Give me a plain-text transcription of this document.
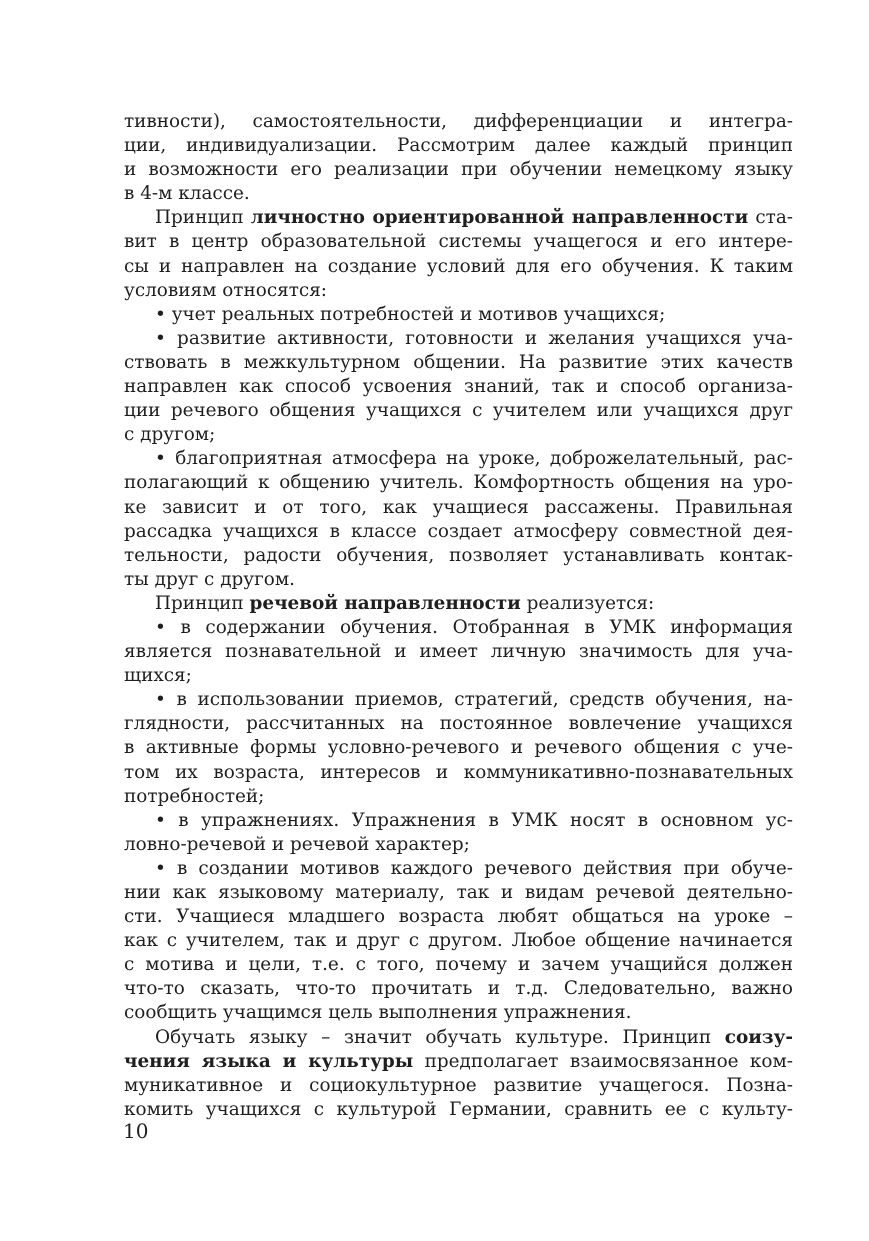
тивности), самостоятельности, дифференциации и интегра-
ции, индивидуализации. Рассмотрим далее каждый принцип
и возможности его реализации при обучении немецкому языку
в 4-м классе.
Принцип личностно ориентированной направленности ста-
вит в центр образовательной системы учащегося и его интере-
сы и направлен на создание условий для его обучения. К таким
условиям относятся:
• учет реальных потребностей и мотивов учащихся;
• развитие активности, готовности и желания учащихся уча-
ствовать в межкультурном общении. На развитие этих качеств
направлен как способ усвоения знаний, так и способ организа-
ции речевого общения учащихся с учителем или учащихся друг
с другом;
• благоприятная атмосфера на уроке, доброжелательный, рас-
полагающий к общению учитель. Комфортность общения на уро-
ке зависит и от того, как учащиеся рассажены. Правильная
рассадка учащихся в классе создает атмосферу совместной дея-
тельности, радости обучения, позволяет устанавливать контак-
ты друг с другом.
Принцип речевой направленности реализуется:
• в содержании обучения. Отобранная в УМК информация
является познавательной и имеет личную значимость для уча-
щихся;
• в использовании приемов, стратегий, средств обучения, на-
глядности, рассчитанных на постоянное вовлечение учащихся
в активные формы условно-речевого и речевого общения с уче-
том их возраста, интересов и коммуникативно-познавательных
потребностей;
• в упражнениях. Упражнения в УМК носят в основном ус-
ловно-речевой и речевой характер;
• в создании мотивов каждого речевого действия при обуче-
нии как языковому материалу, так и видам речевой деятельно-
сти. Учащиеся младшего возраста любят общаться на уроке –
как с учителем, так и друг с другом. Любое общение начинается
с мотива и цели, т.е. с того, почему и зачем учащийся должен
что-то сказать, что-то прочитать и т.д. Следовательно, важно
сообщить учащимся цель выполнения упражнения.
Обучать языку – значит обучать культуре. Принцип соизу-
чения языка и культуры предполагает взаимосвязанное ком-
муникативное и социокультурное развитие учащегося. Позна-
комить учащихся с культурой Германии, сравнить ее с культу-
10
